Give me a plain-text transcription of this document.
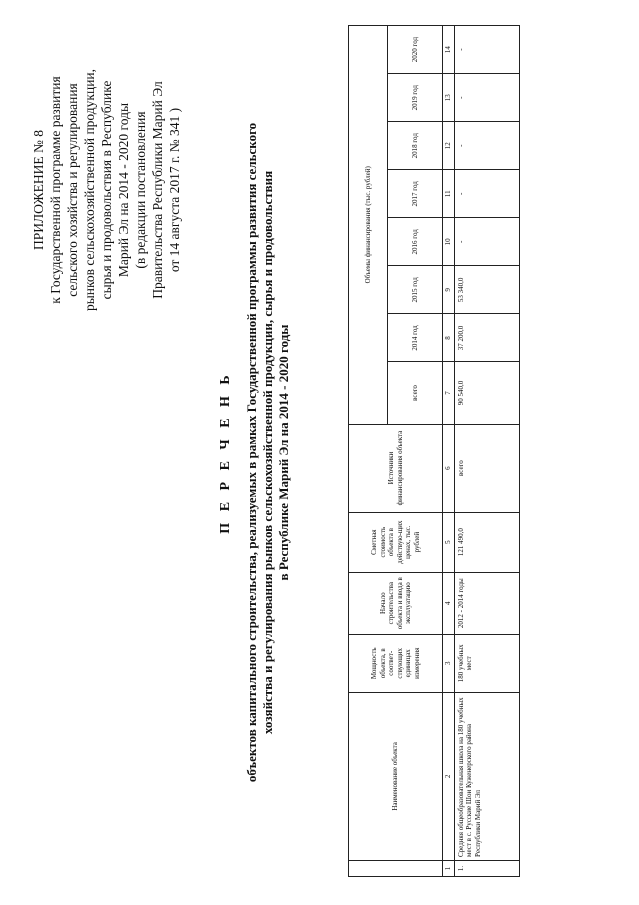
ПРИЛОЖЕНИЕ № 8 к Государственной программе развития сельского хозяйства и регулирования рынков сельскохозяйственной продукции, сырья и продовольствия в Республике Марий Эл на 2014 - 2020 годы (в редакции постановления Правительства Республики Марий Эл от 14 августа 2017 г. № 341 )
П Е Р Е Ч Е Н Ь объектов капитального строительства, реализуемых в рамках Государственной программы развития сельского хозяйства и регулирования рынков сельскохозяйственной продукции, сырья и продовольствия в Республике Марий Эл на 2014 - 2020 годы
	Наименование объекта	Мощность объекта, в соответ-ствующих единицах измерения	Начало строительства объекта и ввода в эксплуатацию	Сметная стоимость объекта в действую-щих ценах, тыс. рублей	Источники финансирования объекта	Объемы финансирования (тыс. рублей)							
						всего	2014 год	2015 год	2016 год	2017 год	2018 год	2019 год	2020 год
1	2	3	4	5	6	7	8	9	10	11	12	13	14
1.	Средняя общеобразовательная школа на 180 учебных мест в с. Русские Шои Куженерского района Республики Марий Эл	180 учебных мест	2012 - 2014 годы	121 490,0	всего	90 540,0	37 200,0	53 340,0	-	-	-	-	-
